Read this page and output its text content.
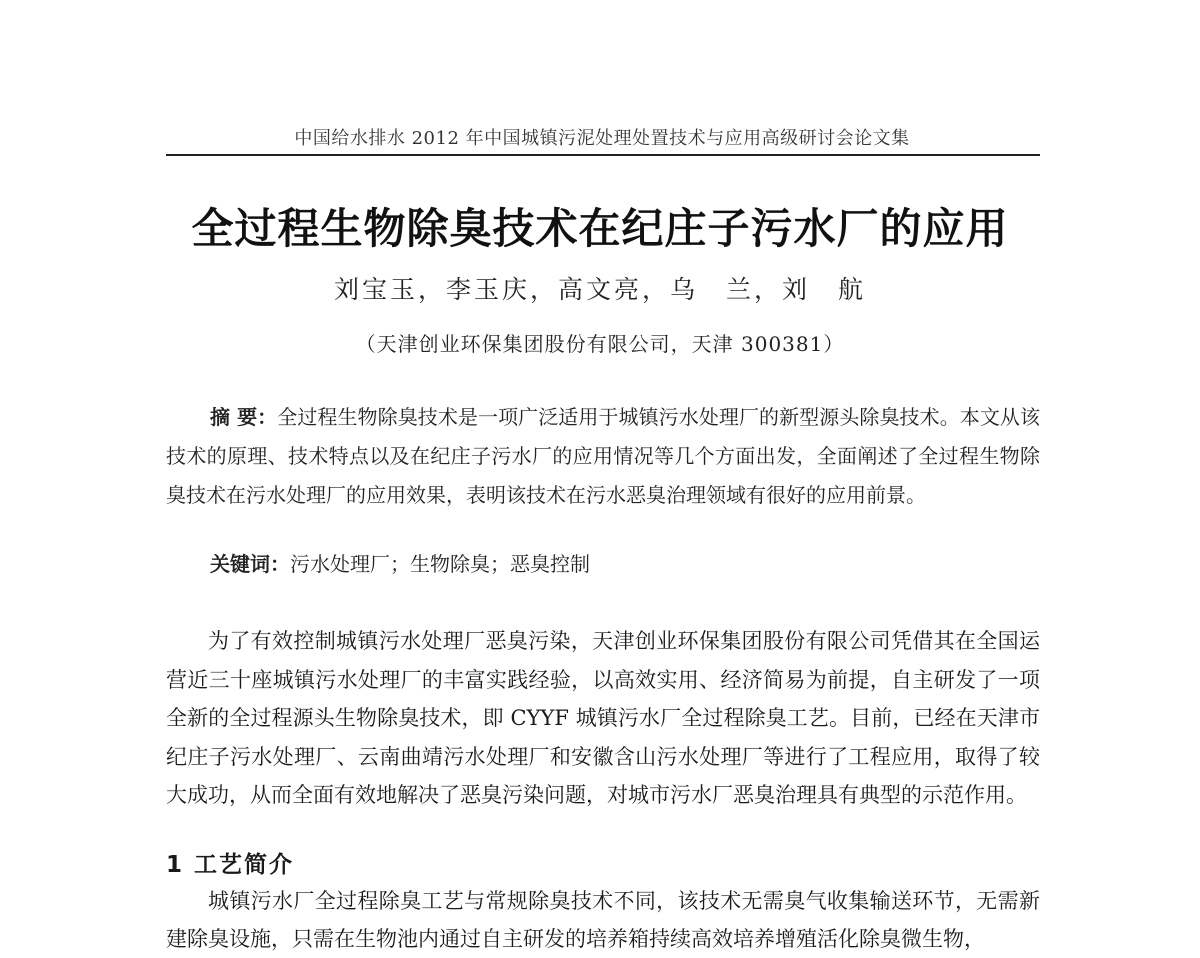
中国给水排水 2012 年中国城镇污泥处理处置技术与应用高级研讨会论文集
全过程生物除臭技术在纪庄子污水厂的应用
刘宝玉，李玉庆，高文亮，乌　兰，刘　航
（天津创业环保集团股份有限公司，天津 300381）
摘 要：全过程生物除臭技术是一项广泛适用于城镇污水处理厂的新型源头除臭技术。本文从该技术的原理、技术特点以及在纪庄子污水厂的应用情况等几个方面出发，全面阐述了全过程生物除臭技术在污水处理厂的应用效果，表明该技术在污水恶臭治理领域有很好的应用前景。
关键词：污水处理厂；生物除臭；恶臭控制
为了有效控制城镇污水处理厂恶臭污染，天津创业环保集团股份有限公司凭借其在全国运营近三十座城镇污水处理厂的丰富实践经验，以高效实用、经济简易为前提，自主研发了一项全新的全过程源头生物除臭技术，即 CYYF 城镇污水厂全过程除臭工艺。目前，已经在天津市纪庄子污水处理厂、云南曲靖污水处理厂和安徽含山污水处理厂等进行了工程应用，取得了较大成功，从而全面有效地解决了恶臭污染问题，对城市污水厂恶臭治理具有典型的示范作用。
1 工艺简介
城镇污水厂全过程除臭工艺与常规除臭技术不同，该技术无需臭气收集输送环节，无需新建除臭设施，只需在生物池内通过自主研发的培养箱持续高效培养增殖活化除臭微生物，
